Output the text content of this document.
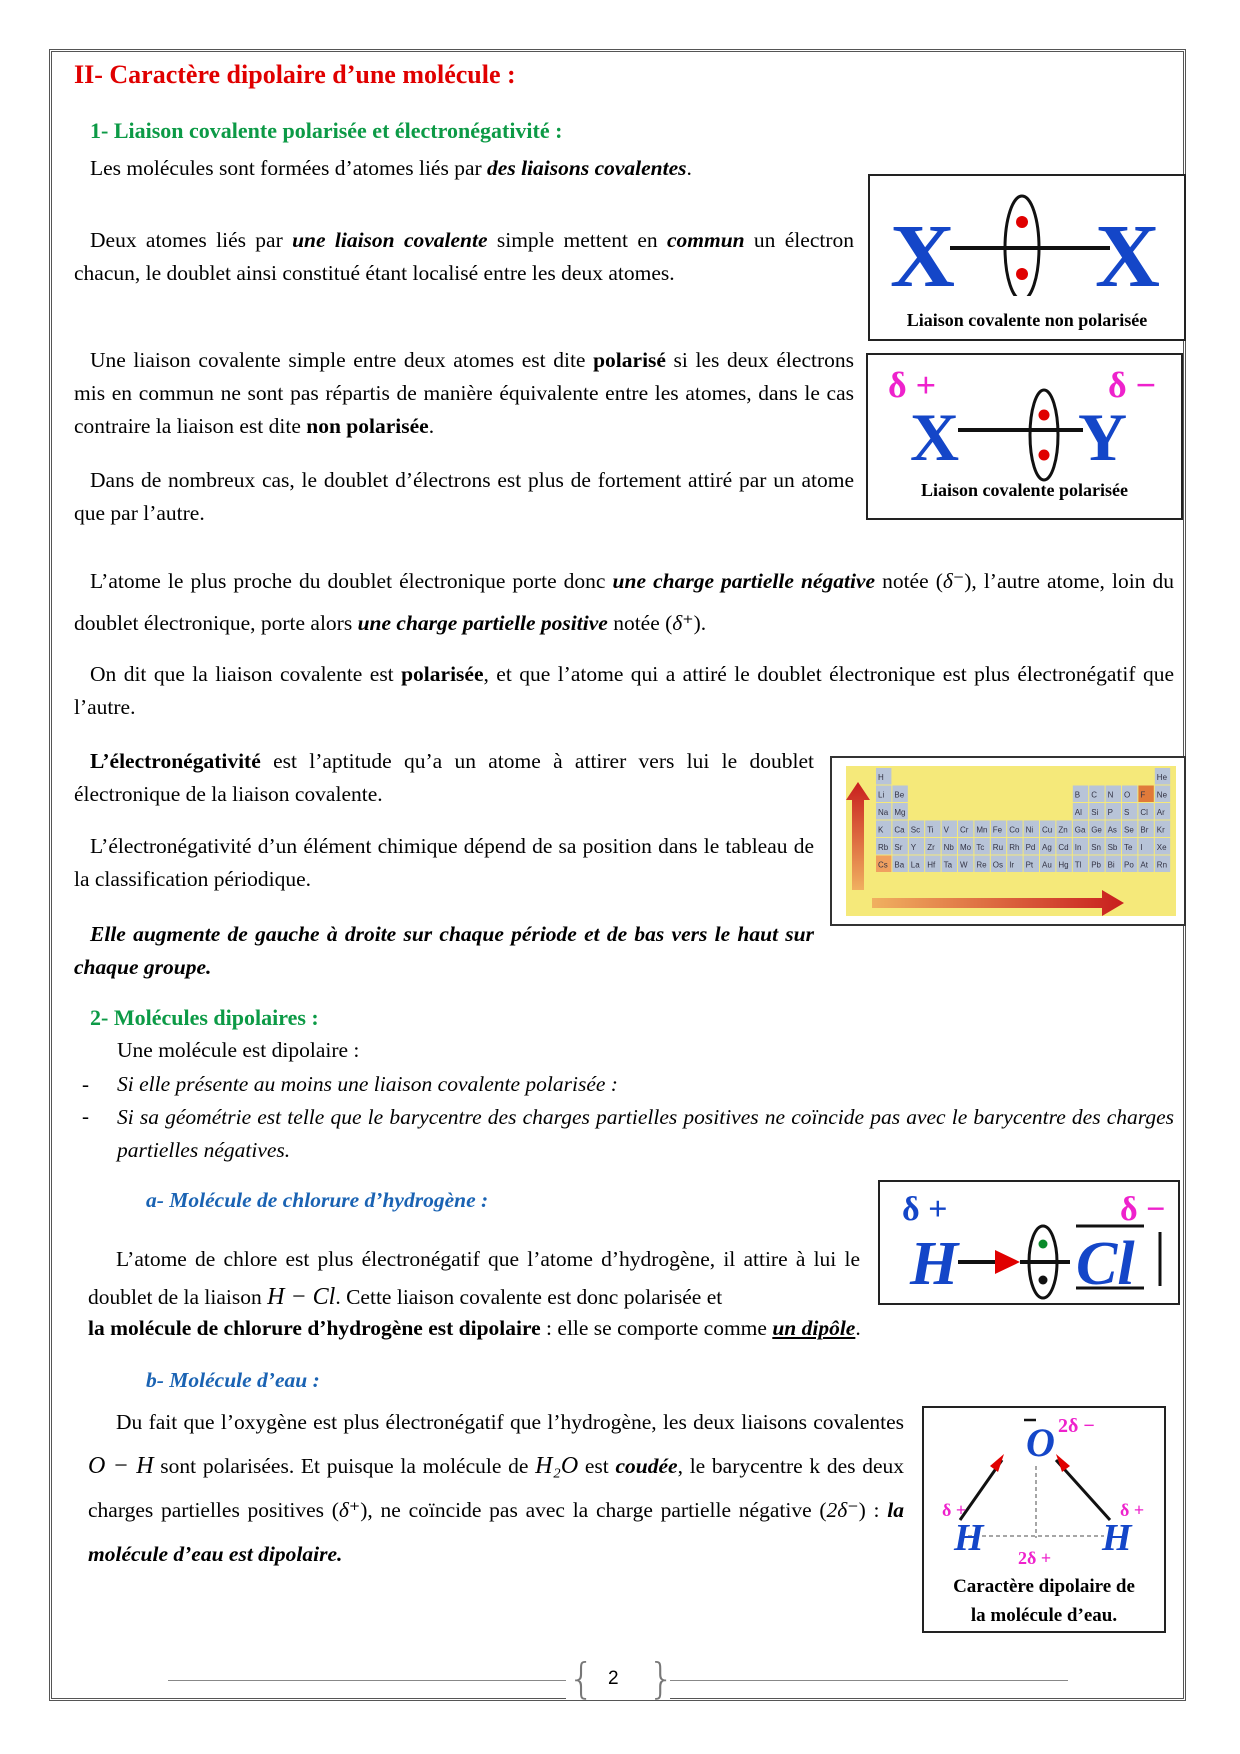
II- Caractère dipolaire d’une molécule :
1- Liaison covalente polarisée et électronégativité :

Les molécules sont formées d’atomes liés par des liaisons covalentes.

Deux atomes liés par une liaison covalente simple mettent en commun un électron chacun, le doublet ainsi constitué étant localisé entre les deux atomes.

Une liaison covalente simple entre deux atomes est dite polarisé si les deux électrons mis en commun ne sont pas répartis de manière équivalente entre les atomes, dans le cas contraire la liaison est dite non polarisée.

Dans de nombreux cas, le doublet d’électrons est plus de fortement attiré par un atome que par l’autre.

X X
Liaison covalente non polarisée
δ +	δ −
X Y
Liaison covalente polarisée

L’atome le plus proche du doublet électronique porte donc une charge partielle négative notée (δ⁻), l’autre atome, loin du doublet électronique, porte alors une charge partielle positive notée (δ⁺).

On dit que la liaison covalente est polarisée, et que l’atome qui a attiré le doublet électronique est plus électronégatif que l’autre.

L’électronégativité est l’aptitude qu’a un atome à attirer vers lui le doublet électronique de la liaison covalente.

L’électronégativité d’un élément chimique dépend de sa position dans le tableau de la classification périodique.

Elle augmente de gauche à droite sur chaque période et de bas vers le haut sur chaque groupe.

H	He
Li Be	B C N O F Ne
Na Mg	Al Si P S Cl Ar
K Ca Sc Ti V Cr Mn Fe Co Ni Cu Zn Ga Ge As Se Br Kr
Rb Sr Y Zr Nb Mo Tc Ru Rh Pd Ag Cd In Sn Sb Te I Xe
Cs Ba La Hf Ta W Re Os Ir Pt Au Hg Tl Pb Bi Po At Rn
2- Molécules dipolaires :
Une molécule est dipolaire :
- Si elle présente au moins une liaison covalente polarisée :

- Si sa géométrie est telle que le barycentre des charges partielles positives ne coïncide pas avec le barycentre des charges partielles négatives.

a- Molécule de chlorure d’hydrogène :

L’atome de chlore est plus électronégatif que l’atome d’hydrogène, il attire à lui le doublet de la liaison H − Cl. Cette liaison covalente est donc polarisée et

la molécule de chlorure d’hydrogène est dipolaire : elle se comporte comme un dipôle.

δ +	δ −
H Cl
b- Molécule d’eau :

Du fait que l’oxygène est plus électronégatif que l’hydrogène, les deux liaisons covalentes O − H sont polarisées. Et puisque la molécule de H₂O est coudée, le barycentre k des deux charges partielles positives (δ⁺), ne coïncide pas avec la charge partielle négative (2δ⁻) : la molécule d’eau est dipolaire.

2δ −
O
δ +	δ +
H	H
2δ +
Caractère dipolaire de
la molécule d’eau.
{ 2 }
